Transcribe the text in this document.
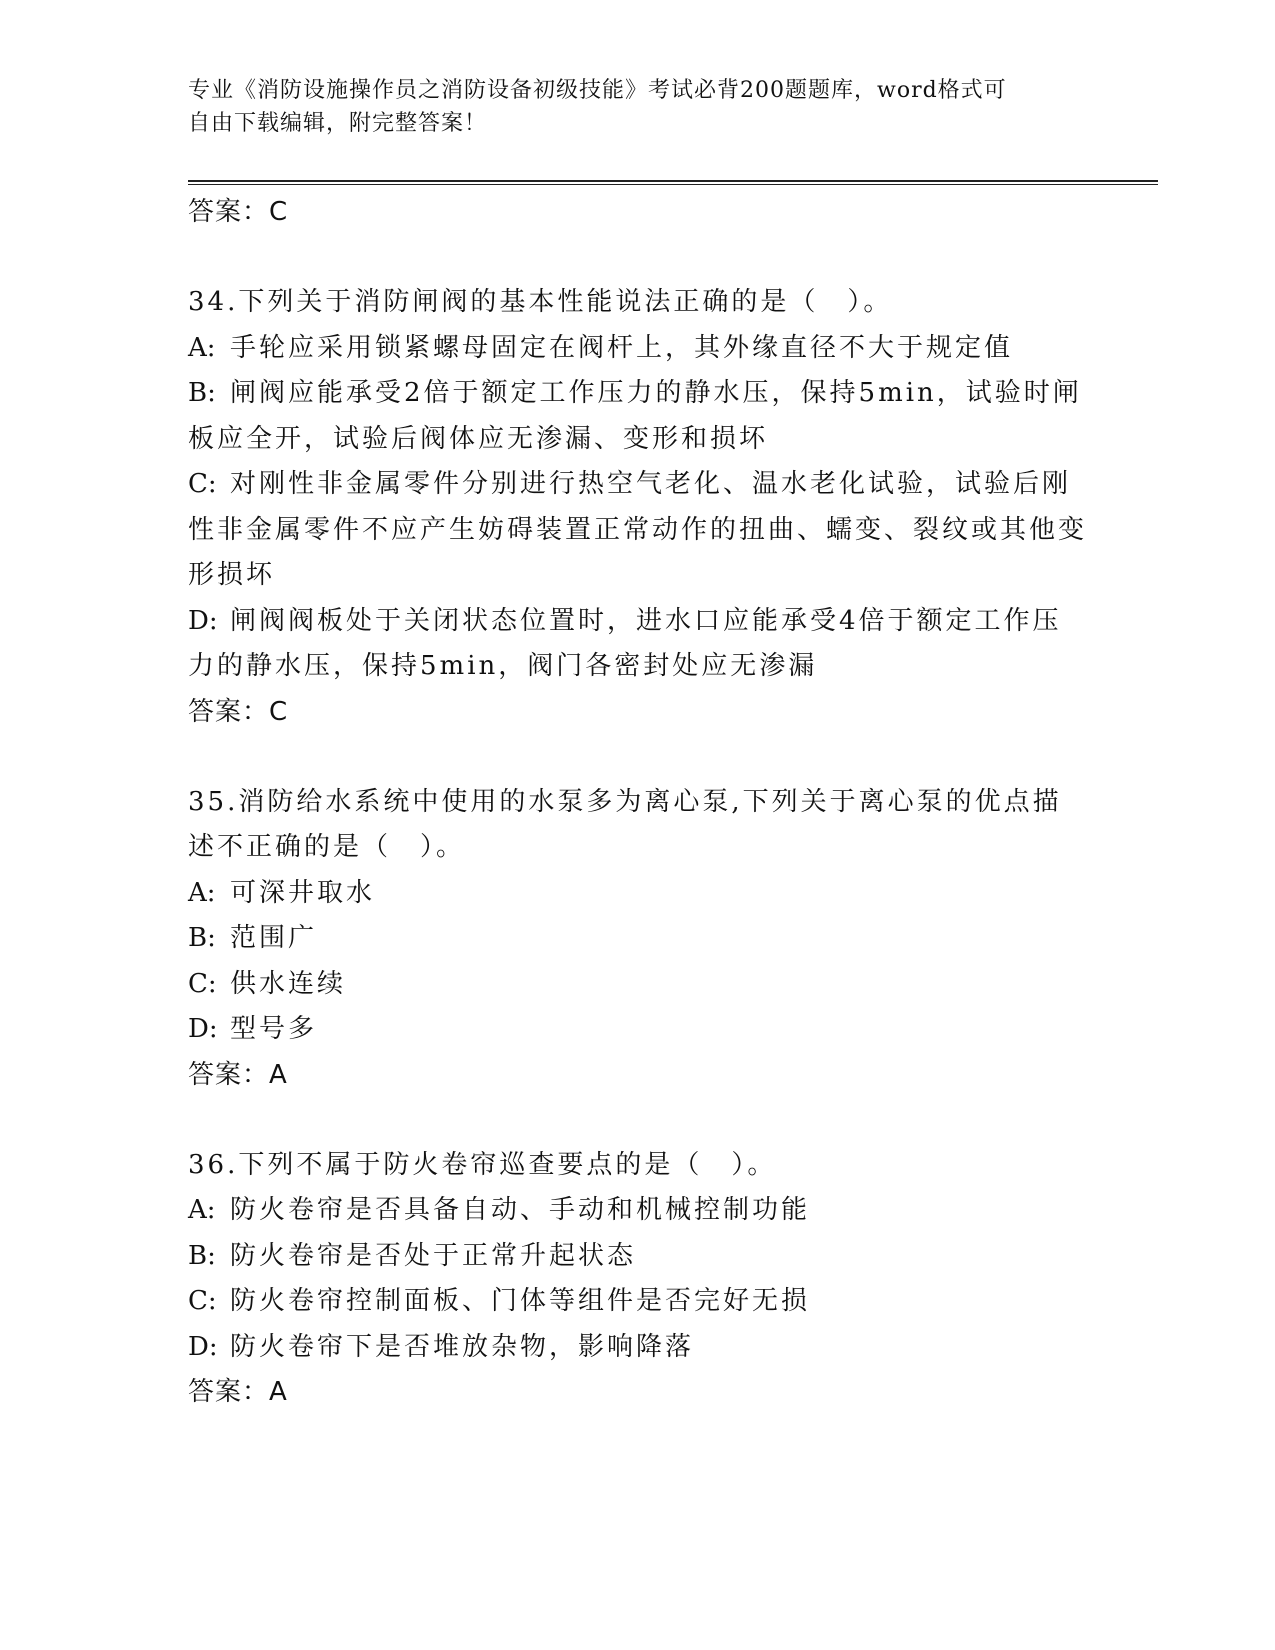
专业《消防设施操作员之消防设备初级技能》考试必背200题题库，word格式可
自由下载编辑，附完整答案！
答案：C

34.下列关于消防闸阀的基本性能说法正确的是（　）。

A: 手轮应采用锁紧螺母固定在阀杆上，其外缘直径不大于规定值

B: 闸阀应能承受2倍于额定工作压力的静水压，保持5min，试验时闸板应全开，试验后阀体应无渗漏、变形和损坏

C: 对刚性非金属零件分别进行热空气老化、温水老化试验，试验后刚性非金属零件不应产生妨碍装置正常动作的扭曲、蠕变、裂纹或其他变形损坏

D: 闸阀阀板处于关闭状态位置时，进水口应能承受4倍于额定工作压力的静水压，保持5min，阀门各密封处应无渗漏

答案：C

35.消防给水系统中使用的水泵多为离心泵,下列关于离心泵的优点描述不正确的是（　）。

A: 可深井取水

B: 范围广

C: 供水连续

D: 型号多

答案：A

36.下列不属于防火卷帘巡查要点的是（　）。

A: 防火卷帘是否具备自动、手动和机械控制功能

B: 防火卷帘是否处于正常升起状态

C: 防火卷帘控制面板、门体等组件是否完好无损

D: 防火卷帘下是否堆放杂物，影响降落

答案：A
